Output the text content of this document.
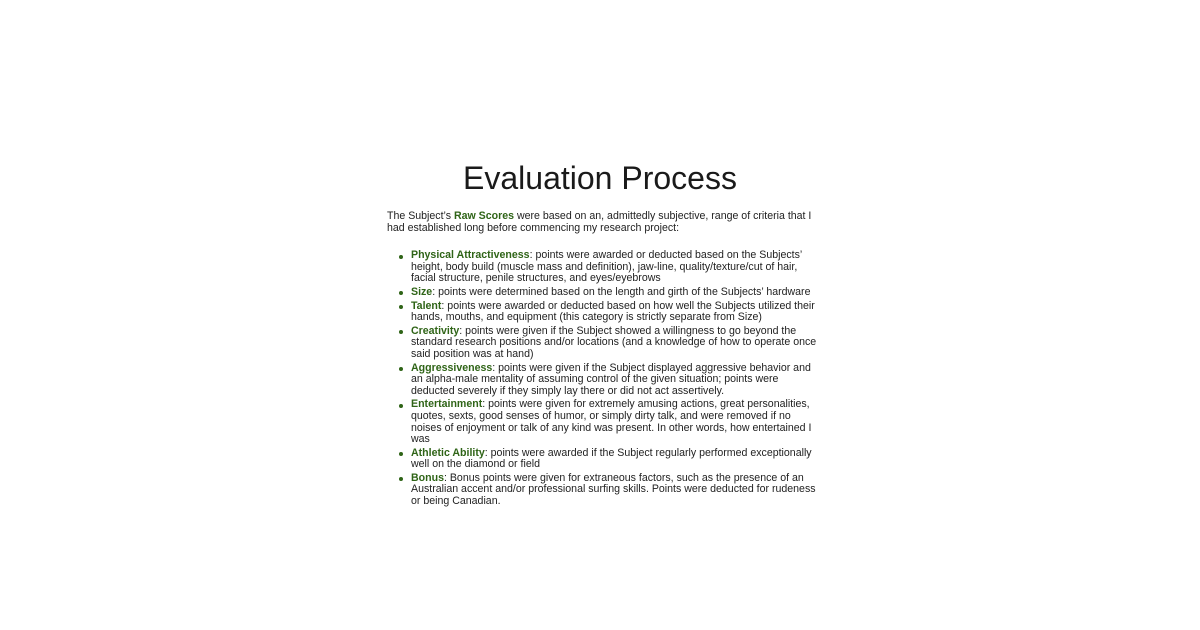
Evaluation Process

The Subject’s Raw Scores were based on an, admittedly subjective, range of criteria that I had established long before commencing my research project:

Physical Attractiveness: points were awarded or deducted based on the Subjects’ height, body build (muscle mass and definition), jaw-line, quality/texture/cut of hair, facial structure, penile structures, and eyes/eyebrows
Size: points were determined based on the length and girth of the Subjects’ hardware
Talent: points were awarded or deducted based on how well the Subjects utilized their hands, mouths, and equipment (this category is strictly separate from Size)
Creativity: points were given if the Subject showed a willingness to go beyond the standard research positions and/or locations (and a knowledge of how to operate once said position was at hand)
Aggressiveness: points were given if the Subject displayed aggressive behavior and an alpha-male mentality of assuming control of the given situation; points were deducted severely if they simply lay there or did not act assertively.
Entertainment: points were given for extremely amusing actions, great personalities, quotes, sexts, good senses of humor, or simply dirty talk, and were removed if no noises of enjoyment or talk of any kind was present. In other words, how entertained I was
Athletic Ability: points were awarded if the Subject regularly performed exceptionally well on the diamond or field
Bonus: Bonus points were given for extraneous factors, such as the presence of an Australian accent and/or professional surfing skills. Points were deducted for rudeness or being Canadian.
